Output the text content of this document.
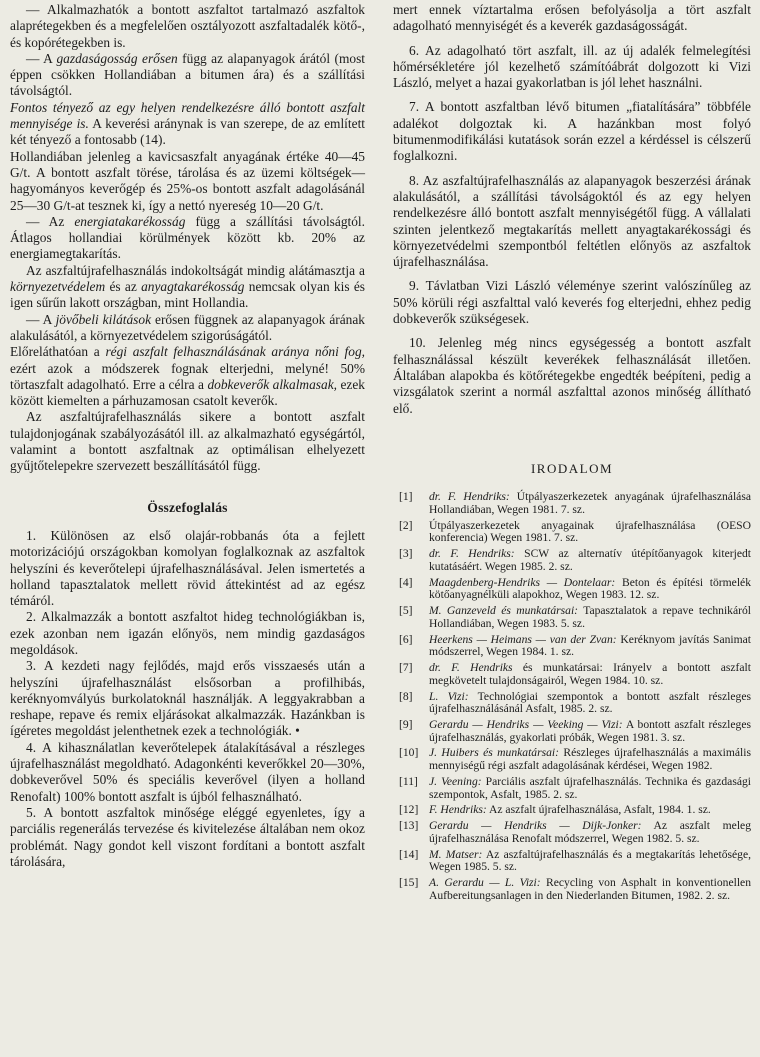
— Alkalmazhatók a bontott aszfaltot tartalmazó aszfaltok alaprétegekben és a megfelelően osztályozott aszfaltadalék kötő-, és kopórétegekben is.

— A gazdaságosság erősen függ az alapanyagok árától (most éppen csökken Hollandiában a bitumen ára) és a szállítási távolságtól.

Fontos tényező az egy helyen rendelkezésre álló bontott aszfalt mennyisége is. A keverési aránynak is van szerepe, de az említett két tényező a fontosabb (14).

Hollandiában jelenleg a kavicsaszfalt anyagának értéke 40—45 G/t. A bontott aszfalt törése, tárolása és az üzemi költségek—hagyományos keverőgép és 25%-os bontott aszfalt adagolásánál 25—30 G/t-at tesznek ki, így a nettó nyereség 10—20 G/t.

— Az energiatakarékosság függ a szállítási távolságtól. Átlagos hollandiai körülmények között kb. 20% az energiamegtakarítás.

Az aszfaltújrafelhasználás indokoltságát mindig alátámasztja a környezetvédelem és az anyagtakarékosság nemcsak olyan kis és igen sűrűn lakott országban, mint Hollandia.

— A jövőbeli kilátások erősen függnek az alapanyagok árának alakulásától, a környezetvédelem szigorúságától.

Előreláthatóan a régi aszfalt felhasználásának aránya nőni fog, ezért azok a módszerek fognak elterjedni, melyné! 50% törtaszfalt adagolható. Erre a célra a dobkeverők alkalmasak, ezek között kiemelten a párhuzamosan csatolt keverők.

Az aszfaltújrafelhasználás sikere a bontott aszfalt tulajdonjogának szabályozásától ill. az alkalmazható egységártól, valamint a bontott aszfaltnak az optimálisan elhelyezett gyűjtőtelepekre szervezett beszállításától függ.

Összefoglalás

1. Különösen az első olajár-robbanás óta a fejlett motorizációjú országokban komolyan foglalkoznak az aszfaltok helyszíni és keverőtelepi újrafelhasználásával. Jelen ismertetés a holland tapasztalatok mellett rövid áttekintést ad az egész témáról.

2. Alkalmazzák a bontott aszfaltot hideg technológiákban is, ezek azonban nem igazán előnyös, nem mindig gazdaságos megoldások.

3. A kezdeti nagy fejlődés, majd erős visszaesés után a helyszíni újrafelhasználást elsősorban a profilhibás, keréknyomvályús burkolatoknál használják. A leggyakrabban a reshape, repave és remix eljárásokat alkalmazzák. Hazánkban is ígéretes megoldást jelenthetnek ezek a technológiák. •

4. A kihasználatlan keverőtelepek átalakításával a részleges újrafelhasználást megoldható. Adagonkénti keverőkkel 20—30%, dobkeverővel 50% és speciális keverővel (ilyen a holland Renofalt) 100% bontott aszfalt is újból felhasználható.

5. A bontott aszfaltok minősége eléggé egyenletes, így a parciális regenerálás tervezése és kivitelezése általában nem okoz problémát. Nagy gondot kell viszont fordítani a bontott aszfalt tárolására,

mert ennek víztartalma erősen befolyásolja a tört aszfalt adagolható mennyiségét és a keverék gazdaságosságát.

6. Az adagolható tört aszfalt, ill. az új adalék felmelegítési hőmérsékletére jól kezelhető számítóábrát dolgozott ki Vizi László, melyet a hazai gyakorlatban is jól lehet használni.

7. A bontott aszfaltban lévő bitumen „fiatalítására” többféle adalékot dolgoztak ki. A hazánkban most folyó bitumenmodifikálási kutatások során ezzel a kérdéssel is célszerű foglalkozni.

8. Az aszfaltújrafelhasználás az alapanyagok beszerzési árának alakulásától, a szállítási távolságoktól és az egy helyen rendelkezésre álló bontott aszfalt mennyiségétől függ. A vállalati szinten jelentkező megtakarítás mellett anyagtakarékossági és környezetvédelmi szempontból feltétlen előnyös az aszfaltok újrafelhasználása.

9. Távlatban Vizi László véleménye szerint valószínűleg az 50% körüli régi aszfalttal való keverés fog elterjedni, ehhez pedig dobkeverők szükségesek.

10. Jelenleg még nincs egységesség a bontott aszfalt felhasználással készült keverékek felhasználását illetően. Általában alapokba és kötőrétegekbe engedték beépíteni, pedig a vizsgálatok szerint a normál aszfalttal azonos minőség állítható elő.

IRODALOM
[1] dr. F. Hendriks: Útpályaszerkezetek anyagának újrafelhasználása Hollandiában, Wegen 1981. 7. sz.
[2] Útpályaszerkezetek anyagainak újrafelhasználása (OESO konferencia) Wegen 1981. 7. sz.
[3] dr. F. Hendriks: SCW az alternatív útépítőanyagok kiterjedt kutatásáért. Wegen 1985. 2. sz.
[4] Maagdenberg-Hendriks — Dontelaar: Beton és építési törmelék kötőanyagnélküli alapokhoz, Wegen 1983. 12. sz.
[5] M. Ganzeveld és munkatársai: Tapasztalatok a repave technikáról Hollandiában, Wegen 1983. 5. sz.
[6] Heerkens — Heimans — van der Zvan: Keréknyom javítás Sanimat módszerrel, Wegen 1984. 1. sz.
[7] dr. F. Hendriks és munkatársai: Irányelv a bontott aszfalt megkövetelt tulajdonságairól, Wegen 1984. 10. sz.
[8] L. Vizi: Technológiai szempontok a bontott aszfalt részleges újrafelhasználásánál Asfalt, 1985. 2. sz.
[9] Gerardu — Hendriks — Veeking — Vizi: A bontott aszfalt részleges újrafelhasználás, gyakorlati próbák, Wegen 1981. 3. sz.
[10] J. Huibers és munkatársai: Részleges újrafelhasználás a maximális mennyiségű régi aszfalt adagolásának kérdései, Wegen 1982.
[11] J. Veening: Parciális aszfalt újrafelhasználás. Technika és gazdasági szempontok, Asfalt, 1985. 2. sz.
[12] F. Hendriks: Az aszfalt újrafelhasználása, Asfalt, 1984. 1. sz.
[13] Gerardu — Hendriks — Dijk-Jonker: Az aszfalt meleg újrafelhasználása Renofalt módszerrel, Wegen 1982. 5. sz.
[14] M. Matser: Az aszfaltújrafelhasználás és a megtakarítás lehetősége, Wegen 1985. 5. sz.
[15] A. Gerardu — L. Vizi: Recycling von Asphalt in konventionellen Aufbereitungsanlagen in den Niederlanden Bitumen, 1982. 2. sz.
